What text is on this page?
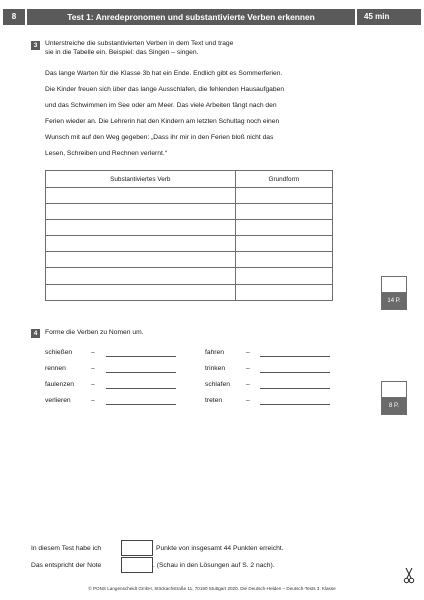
8	Test 1: Anredepronomen und substantivierte Verben erkennen	45 min
3	Unterstreiche die substantivierten Verben in dem Text und trage
sie in die Tabelle ein. Beispiel: das Singen – singen.
Das lange Warten für die Klasse 3b hat ein Ende. Endlich gibt es Sommerferien.
Die Kinder freuen sich über das lange Ausschlafen, die fehlenden Hausaufgaben
und das Schwimmen im See oder am Meer. Das viele Arbeiten fängt nach den
Ferien wieder an. Die Lehrerin hat den Kindern am letzten Schultag noch einen
Wunsch mit auf den Weg gegeben: „Dass ihr mir in den Ferien bloß nicht das
Lesen, Schreiben und Rechnen verlernt.“
Substantiviertes Verb	Grundform

14 P.
4	Forme die Verben zu Nomen um.
schießen	–	fahren	–
rennen	–	trinken	–
faulenzen	–	schlafen –
verlieren	–	treten	–
8 P.
In diesem Test habe ich	Punkte von insgesamt 44 Punkten erreicht.
Das entspricht der Note	. (Schau in den Lösungen auf S. 2 nach).
© PONS Langenscheidt GmbH, Stöckachstraße 11, 70190 Stuttgart 2020. Die Deutsch-Helden – Deutsch-Tests 3. Klasse
